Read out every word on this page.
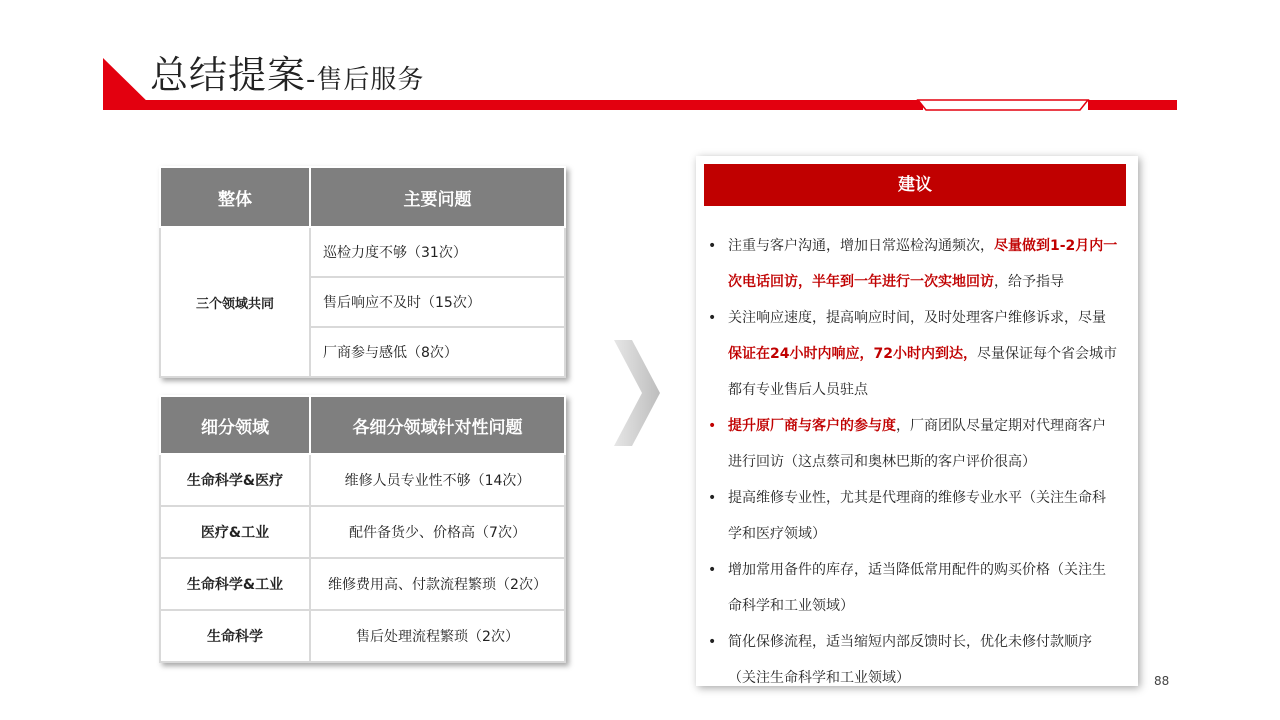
总结提案-售后服务
整体	主要问题
三个领域共同	巡检力度不够（31次）
	售后响应不及时（15次）
	厂商参与感低（8次）
细分领域	各细分领域针对性问题
生命科学&医疗	维修人员专业性不够（14次）
医疗&工业	配件备货少、价格高（7次）
生命科学&工业	维修费用高、付款流程繁琐（2次）
生命科学	售后处理流程繁琐（2次）
建议
• 注重与客户沟通，增加日常巡检沟通频次，尽量做到1-2月内一次电话回访，半年到一年进行一次实地回访，给予指导
• 关注响应速度，提高响应时间，及时处理客户维修诉求，尽量保证在24小时内响应，72小时内到达，尽量保证每个省会城市都有专业售后人员驻点
• 提升原厂商与客户的参与度，厂商团队尽量定期对代理商客户进行回访（这点蔡司和奥林巴斯的客户评价很高）
• 提高维修专业性，尤其是代理商的维修专业水平（关注生命科学和医疗领域）
• 增加常用备件的库存，适当降低常用配件的购买价格（关注生命科学和工业领域）
• 简化保修流程，适当缩短内部反馈时长，优化未修付款顺序（关注生命科学和工业领域）	88
